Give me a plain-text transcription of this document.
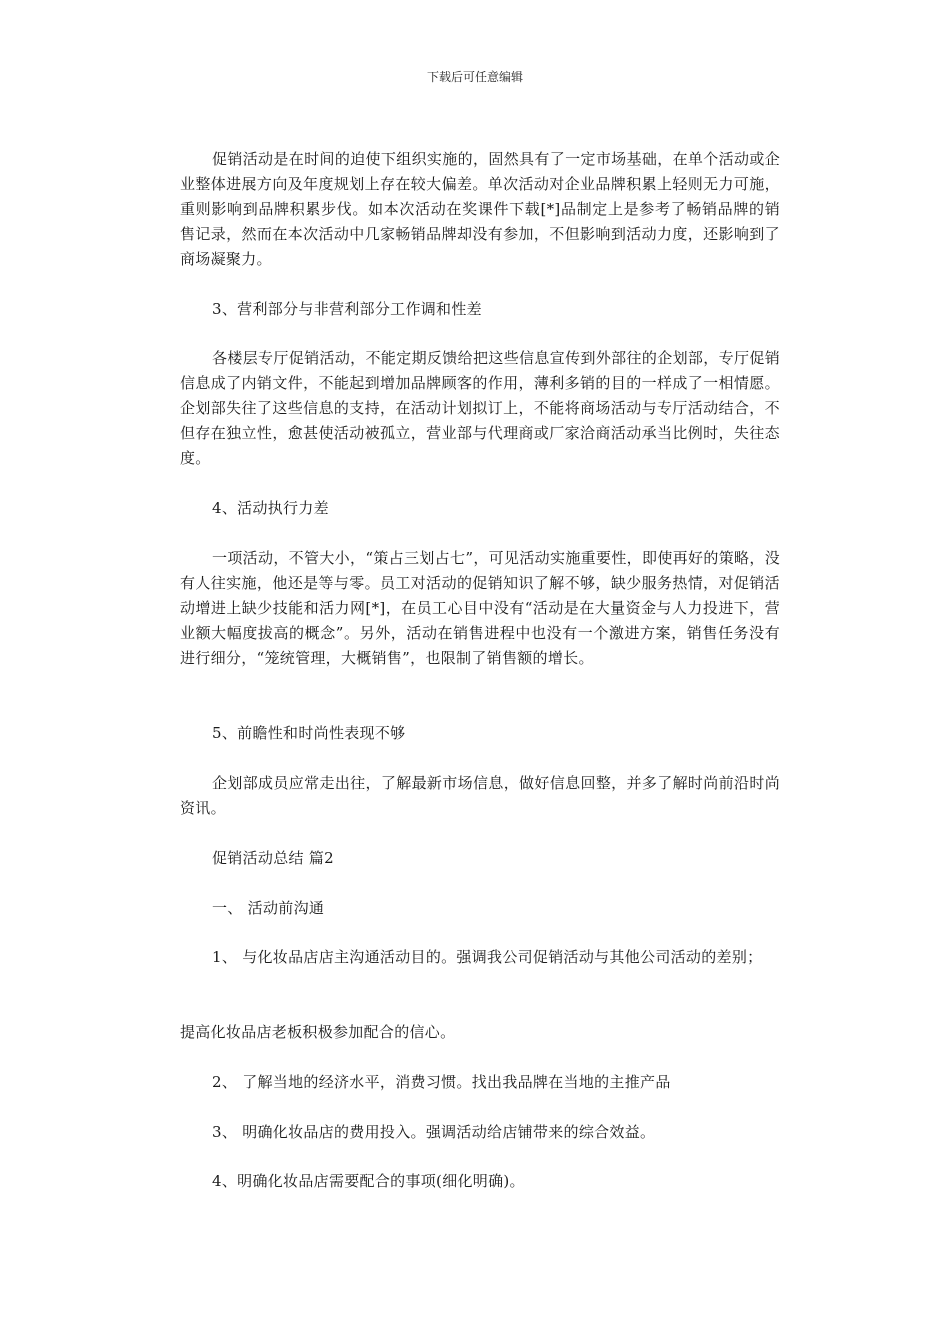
下载后可任意编辑

促销活动是在时间的迫使下组织实施的，固然具有了一定市场基础，在单个活动或企业整体进展方向及年度规划上存在较大偏差。单次活动对企业品牌积累上轻则无力可施，重则影响到品牌积累步伐。如本次活动在奖课件下载[*]品制定上是参考了畅销品牌的销售记录，然而在本次活动中几家畅销品牌却没有参加，不但影响到活动力度，还影响到了商场凝聚力。

3、营利部分与非营利部分工作调和性差

各楼层专厅促销活动，不能定期反馈给把这些信息宣传到外部往的企划部，专厅促销信息成了内销文件，不能起到增加品牌顾客的作用，薄利多销的目的一样成了一相情愿。企划部失往了这些信息的支持，在活动计划拟订上，不能将商场活动与专厅活动结合，不但存在独立性，愈甚使活动被孤立，营业部与代理商或厂家洽商活动承当比例时，失往态度。

4、活动执行力差

一项活动，不管大小，“策占三划占七”，可见活动实施重要性，即使再好的策略，没有人往实施，他还是等与零。员工对活动的促销知识了解不够，缺少服务热情，对促销活动增进上缺少技能和活力网[*]，在员工心目中没有“活动是在大量资金与人力投进下，营业额大幅度拔高的概念”。另外，活动在销售进程中也没有一个激进方案，销售任务没有进行细分，“笼统管理，大概销售”，也限制了销售额的增长。

5、前瞻性和时尚性表现不够

企划部成员应常走出往，了解最新市场信息，做好信息回整，并多了解时尚前沿时尚资讯。

促销活动总结 篇2

一、 活动前沟通

1、 与化妆品店店主沟通活动目的。强调我公司促销活动与其他公司活动的差别；

提高化妆品店老板积极参加配合的信心。

2、 了解当地的经济水平，消费习惯。找出我品牌在当地的主推产品

3、 明确化妆品店的费用投入。强调活动给店铺带来的综合效益。

4、明确化妆品店需要配合的事项(细化明确)。
